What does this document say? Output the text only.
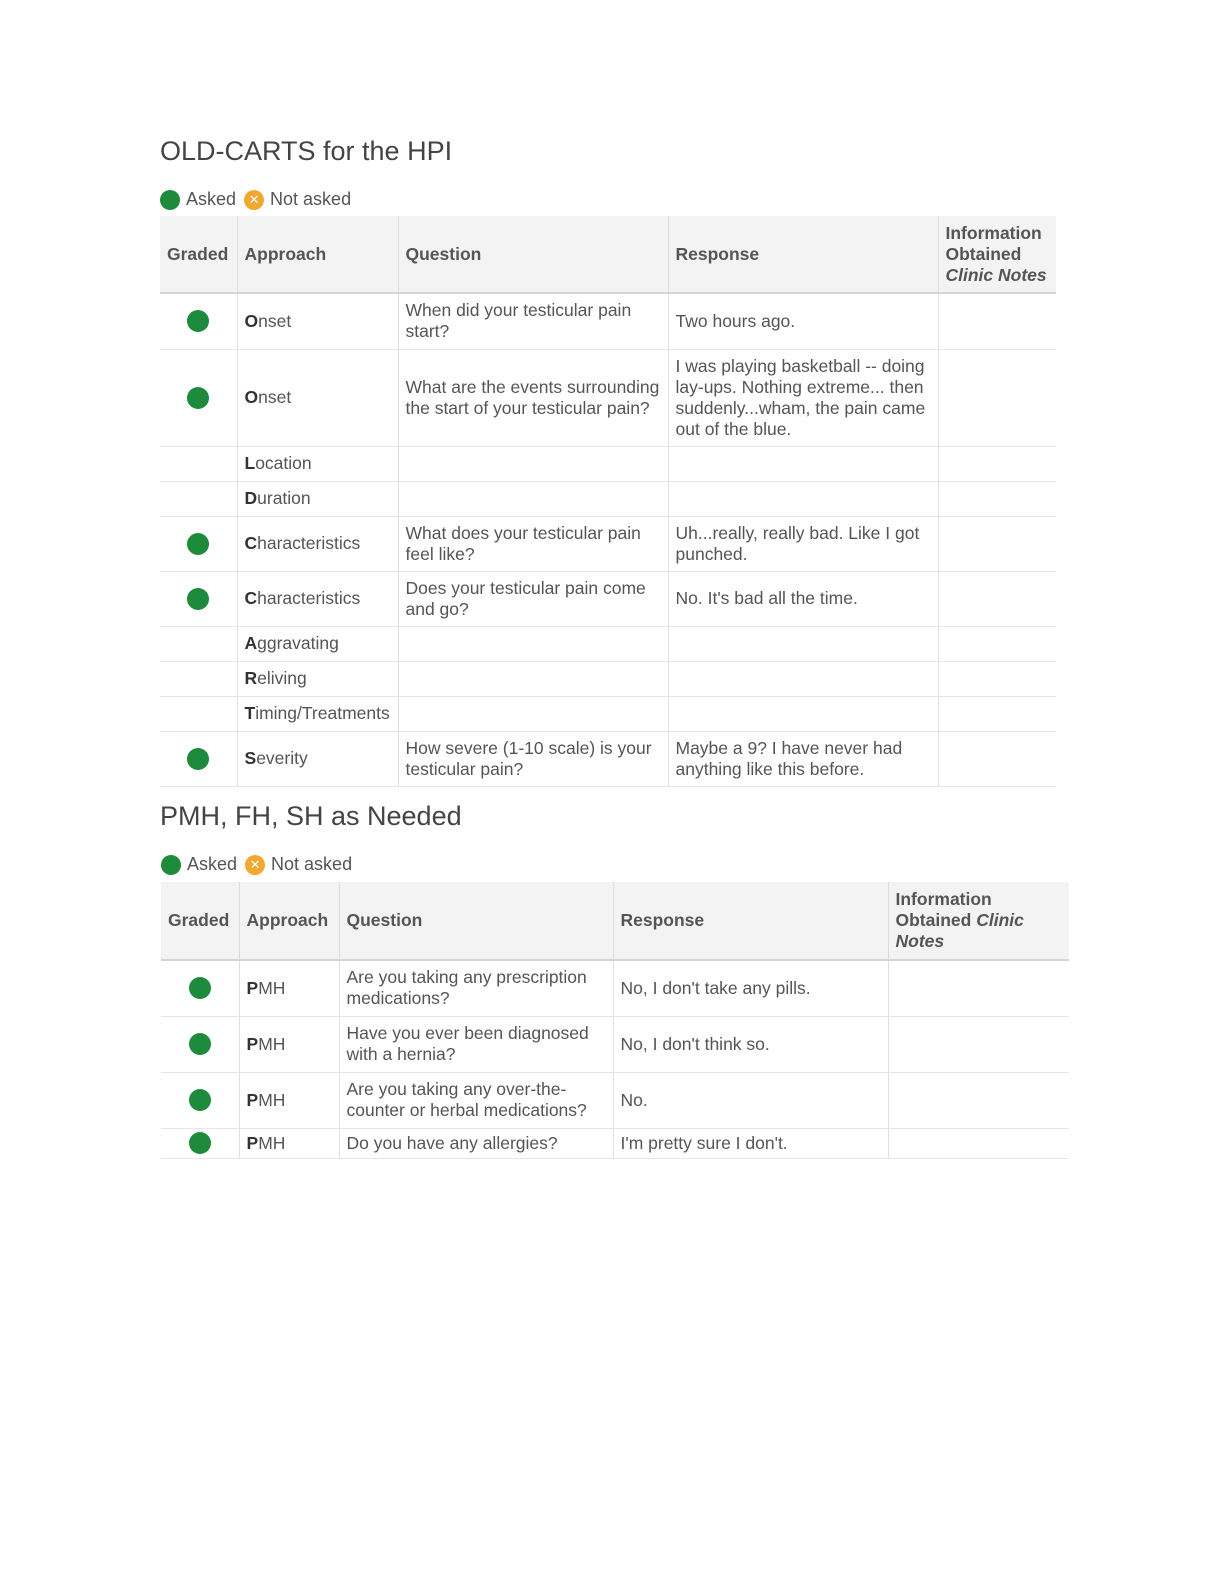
OLD-CARTS for the HPI
Asked ✕ Not asked
Graded	Approach	Question	Response	Information Obtained Clinic Notes
	Onset	When did your testicular pain start?	Two hours ago.	
	Onset	What are the events surrounding the start of your testicular pain?	I was playing basketball -- doing lay-ups. Nothing extreme... then suddenly...wham, the pain came out of the blue.	
	Location			
	Duration			
	Characteristics	What does your testicular pain feel like?	Uh...really, really bad. Like I got punched.	
	Characteristics	Does your testicular pain come and go?	No. It's bad all the time.	
	Aggravating			
	Reliving			
	Timing/Treatments			
	Severity	How severe (1-10 scale) is your testicular pain?	Maybe a 9? I have never had anything like this before.	
PMH, FH, SH as Needed
Asked ✕ Not asked
Graded	Approach	Question	Response	Information Obtained Clinic Notes
	PMH	Are you taking any prescription medications?	No, I don't take any pills.	
	PMH	Have you ever been diagnosed with a hernia?	No, I don't think so.	
	PMH	Are you taking any over-the-counter or herbal medications?	No.	
	PMH	Do you have any allergies?	I'm pretty sure I don't.	
